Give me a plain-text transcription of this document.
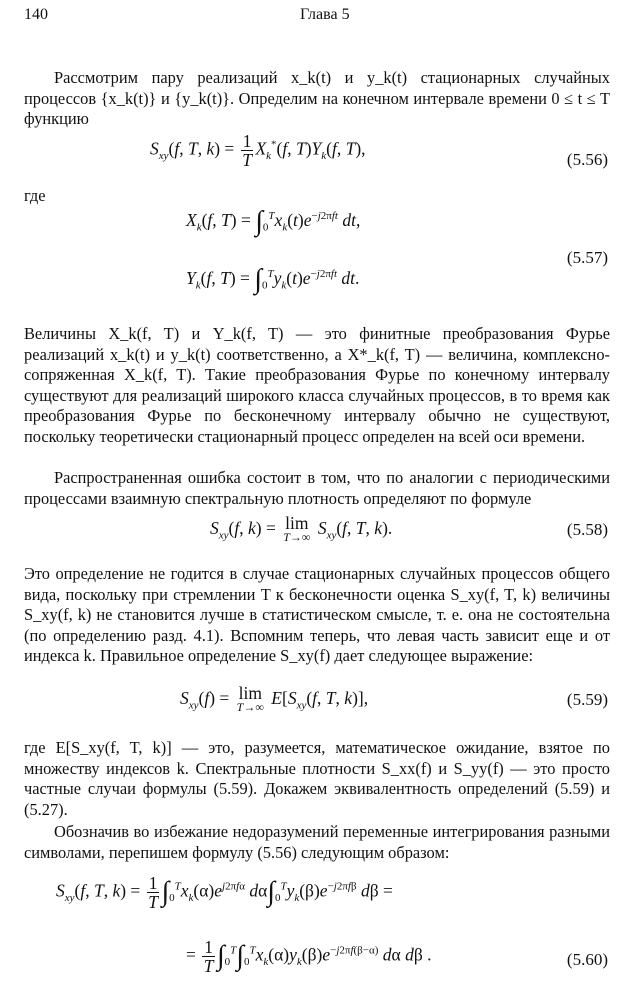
140	Глава 5
Рассмотрим пару реализаций x_k(t) и y_k(t) стационарных случайных процессов {x_k(t)} и {y_k(t)}. Определим на конечном интервале времени 0 ≤ t ≤ T функцию
$S_{xy}(f$, T, $k) = \frac{1}{T} X_k^*(f$, $T)Y_k(f$, T),
(5.56)
где
$X_k(f$, $T) = \int_0^Tx_k(t)e^{-j2\pi ft}$ dt,
$Y_k(f$, $T) = \int_0^Ty_k(t)e^{-j2\pi ft}$ dt.
(5.57)
Величины X_k(f, T) и Y_k(f, T) — это финитные преобразования Фурье реализаций x_k(t) и y_k(t) соответственно, а X*_k(f, T) — величина, комплексно-сопряженная X_k(f, T). Такие преобразования Фурье по конечному интервалу существуют для реализаций широкого класса случайных процессов, в то время как преобразования Фурье по бесконечному интервалу обычно не существуют, поскольку теоретически стационарный процесс определен на всей оси времени.
Распространенная ошибка состоит в том, что по аналогии с периодическими процессами взаимную спектральную плотность определяют по формуле
$S_{xy}(f$, k) = lim
T→∞ $S_{xy}(f$, T, k).	(5.58)
Это определение не годится в случае стационарных случайных процессов общего вида, поскольку при стремлении T к бесконечности оценка S_xy(f, T, k) величины S_xy(f, k) не становится лучше в статистическом смысле, т. е. она не состоятельна (по определению разд. 4.1). Вспомним теперь, что левая часть зависит еще и от индекса k. Правильное определение S_xy(f) дает следующее выражение:
$S_{xy}(f) = \lim$
T→∞ $E[S_{xy}(f$, T, k)],	(5.59)
где E[S_xy(f, T, k)] — это, разумеется, математическое ожидание, взятое по множеству индексов k. Спектральные плотности S_xx(f) и S_yy(f) — это просто частные случаи формулы (5.59). Докажем эквивалентность определений (5.59) и (5.27).
Обозначив во избежание недоразумений переменные интегрирования разными символами, перепишем формулу (5.56) следующим образом:
$S_{xy}(f$, T, $k) = \frac{1}{T} \int_0^Tx_k(\alpha)e^{j2\pi f\alpha}$ $d\alpha\int_0^Ty_k(\beta)e^{-j2\pi f\beta}$ dβ =
= $\frac{1}{T} \int_0^T\int_0^Tx_k(\alpha)y_k(\beta)e^{-j2\pi f(\beta-\alpha)}$ dα dβ .	(5.60)
